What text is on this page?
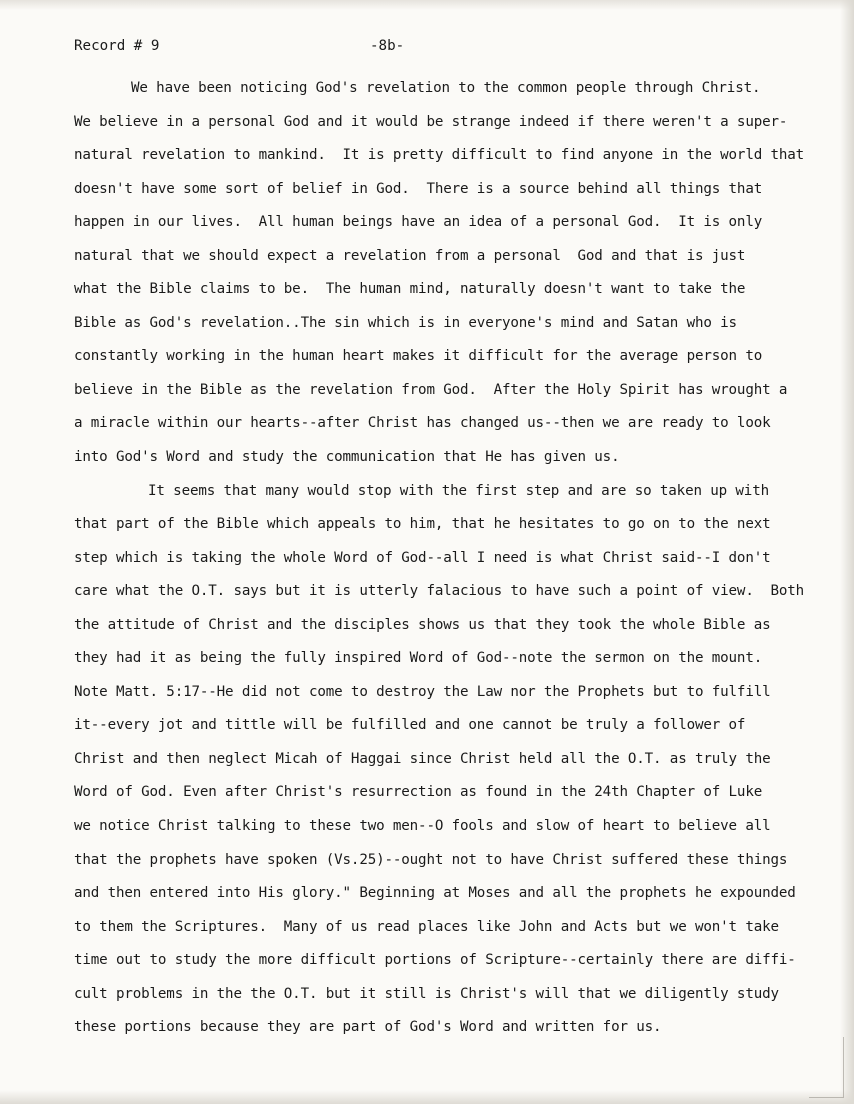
Record # 9	-8b-
We have been noticing God's revelation to the common people through Christ.
We believe in a personal God and it would be strange indeed if there weren't a super-
natural revelation to mankind.  It is pretty difficult to find anyone in the world that
doesn't have some sort of belief in God.  There is a source behind all things that
happen in our lives.  All human beings have an idea of a personal God.  It is only
natural that we should expect a revelation from a personal  God and that is just
what the Bible claims to be.  The human mind, naturally doesn't want to take the
Bible as God's revelation..The sin which is in everyone's mind and Satan who is
constantly working in the human heart makes it difficult for the average person to
believe in the Bible as the revelation from God.  After the Holy Spirit has wrought a
a miracle within our hearts--after Christ has changed us--then we are ready to look
into God's Word and study the communication that He has given us.
It seems that many would stop with the first step and are so taken up with
that part of the Bible which appeals to him, that he hesitates to go on to the next
step which is taking the whole Word of God--all I need is what Christ said--I don't
care what the O.T. says but it is utterly falacious to have such a point of view.  Both
the attitude of Christ and the disciples shows us that they took the whole Bible as
they had it as being the fully inspired Word of God--note the sermon on the mount.
Note Matt. 5:17--He did not come to destroy the Law nor the Prophets but to fulfill
it--every jot and tittle will be fulfilled and one cannot be truly a follower of
Christ and then neglect Micah of Haggai since Christ held all the O.T. as truly the
Word of God. Even after Christ's resurrection as found in the 24th Chapter of Luke
we notice Christ talking to these two men--O fools and slow of heart to believe all
that the prophets have spoken (Vs.25)--ought not to have Christ suffered these things
and then entered into His glory." Beginning at Moses and all the prophets he expounded
to them the Scriptures.  Many of us read places like John and Acts but we won't take
time out to study the more difficult portions of Scripture--certainly there are diffi-
cult problems in the the O.T. but it still is Christ's will that we diligently study
these portions because they are part of God's Word and written for us.
